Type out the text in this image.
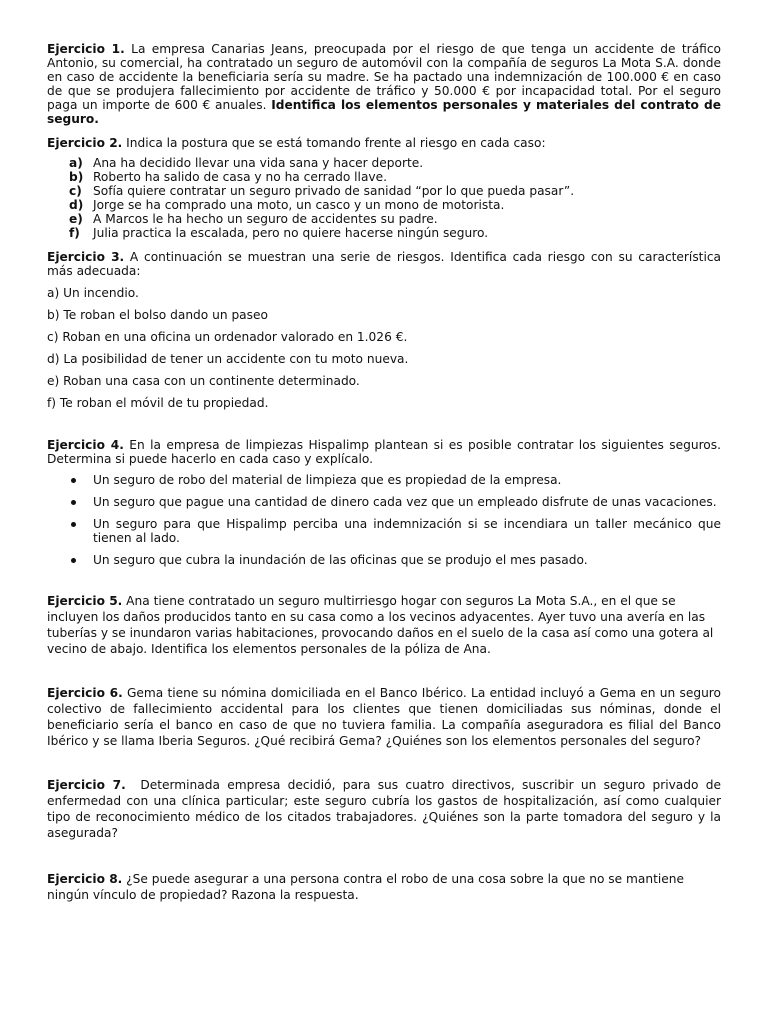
Ejercicio 1. La empresa Canarias Jeans, preocupada por el riesgo de que tenga un accidente de tráfico Antonio, su comercial, ha contratado un seguro de automóvil con la compañía de seguros La Mota S.A. donde en caso de accidente la beneficiaria sería su madre. Se ha pactado una indemnización de 100.000 € en caso de que se produjera fallecimiento por accidente de tráfico y 50.000 € por incapacidad total. Por el seguro paga un importe de 600 € anuales. Identifica los elementos personales y materiales del contrato de seguro.

Ejercicio 2. Indica la postura que se está tomando frente al riesgo en cada caso:

a) Ana ha decidido llevar una vida sana y hacer deporte.
b) Roberto ha salido de casa y no ha cerrado llave.
c) Sofía quiere contratar un seguro privado de sanidad “por lo que pueda pasar”.
d) Jorge se ha comprado una moto, un casco y un mono de motorista.
e) A Marcos le ha hecho un seguro de accidentes su padre.
f)	Julia practica la escalada, pero no quiere hacerse ningún seguro.

Ejercicio 3. A continuación se muestran una serie de riesgos. Identifica cada riesgo con su característica más adecuada:

a) Un incendio.

b) Te roban el bolso dando un paseo

c) Roban en una oficina un ordenador valorado en 1.026 €.

d) La posibilidad de tener un accidente con tu moto nueva.

e) Roban una casa con un continente determinado.

f) Te roban el móvil de tu propiedad.

Ejercicio 4. En la empresa de limpiezas Hispalimp plantean si es posible contratar los siguientes seguros. Determina si puede hacerlo en cada caso y explícalo.

Un seguro de robo del material de limpieza que es propiedad de la empresa.
Un seguro que pague una cantidad de dinero cada vez que un empleado disfrute de unas vacaciones.
Un seguro para que Hispalimp perciba una indemnización si se incendiara un taller mecánico que tienen al lado.
Un seguro que cubra la inundación de las oficinas que se produjo el mes pasado.

Ejercicio 5. Ana tiene contratado un seguro multirriesgo hogar con seguros La Mota S.A., en el que se incluyen los daños producidos tanto en su casa como a los vecinos adyacentes. Ayer tuvo una avería en las tuberías y se inundaron varias habitaciones, provocando daños en el suelo de la casa así como una gotera al vecino de abajo. Identifica los elementos personales de la póliza de Ana.

Ejercicio 6. Gema tiene su nómina domiciliada en el Banco Ibérico. La entidad incluyó a Gema en un seguro colectivo de fallecimiento accidental para los clientes que tienen domiciliadas sus nóminas, donde el beneficiario sería el banco en caso de que no tuviera familia. La compañía aseguradora es filial del Banco Ibérico y se llama Iberia Seguros. ¿Qué recibirá Gema? ¿Quiénes son los elementos personales del seguro?

Ejercicio 7.  Determinada empresa decidió, para sus cuatro directivos, suscribir un seguro privado de enfermedad con una clínica particular; este seguro cubría los gastos de hospitalización, así como cualquier tipo de reconocimiento médico de los citados trabajadores. ¿Quiénes son la parte tomadora del seguro y la asegurada?

Ejercicio 8. ¿Se puede asegurar a una persona contra el robo de una cosa sobre la que no se mantiene ningún vínculo de propiedad? Razona la respuesta.
